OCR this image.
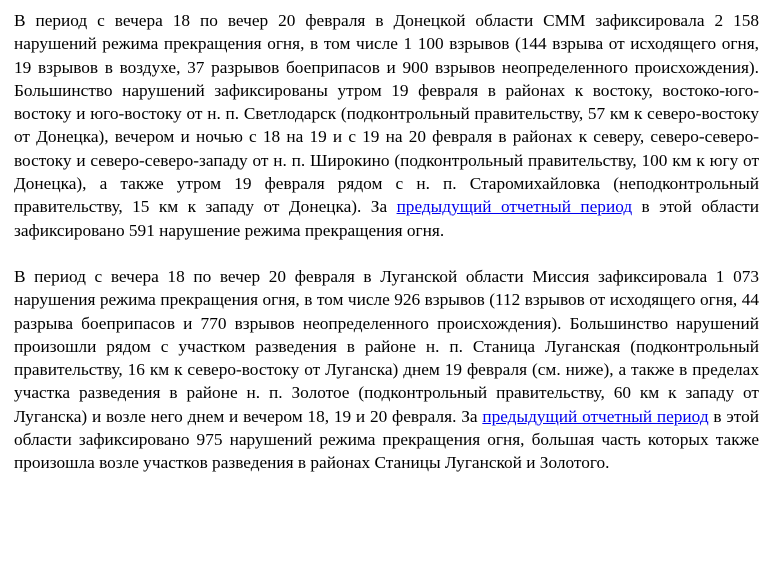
В период с вечера 18 по вечер 20 февраля в Донецкой области СММ зафиксировала 2 158 нарушений режима прекращения огня, в том числе 1 100 взрывов (144 взрыва от исходящего огня, 19 взрывов в воздухе, 37 разрывов боеприпасов и 900 взрывов неопределенного происхождения). Большинство нарушений зафиксированы утром 19 февраля в районах к востоку, востоко-юго-востоку и юго-востоку от н. п. Светлодарск (подконтрольный правительству, 57 км к северо-востоку от Донецка), вечером и ночью с 18 на 19 и с 19 на 20 февраля в районах к северу, северо-северо-востоку и северо-северо-западу от н. п. Широкино (подконтрольный правительству, 100 км к югу от Донецка), а также утром 19 февраля рядом с н. п. Старомихайловка (неподконтрольный правительству, 15 км к западу от Донецка). За предыдущий отчетный период в этой области зафиксировано 591 нарушение режима прекращения огня.

В период с вечера 18 по вечер 20 февраля в Луганской области Миссия зафиксировала 1 073 нарушения режима прекращения огня, в том числе 926 взрывов (112 взрывов от исходящего огня, 44 разрыва боеприпасов и 770 взрывов неопределенного происхождения). Большинство нарушений произошли рядом с участком разведения в районе н. п. Станица Луганская (подконтрольный правительству, 16 км к северо-востоку от Луганска) днем 19 февраля (см. ниже), а также в пределах участка разведения в районе н. п. Золотое (подконтрольный правительству, 60 км к западу от Луганска) и возле него днем и вечером 18, 19 и 20 февраля. За предыдущий отчетный период в этой области зафиксировано 975 нарушений режима прекращения огня, большая часть которых также произошла возле участков разведения в районах Станицы Луганской и Золотого.
